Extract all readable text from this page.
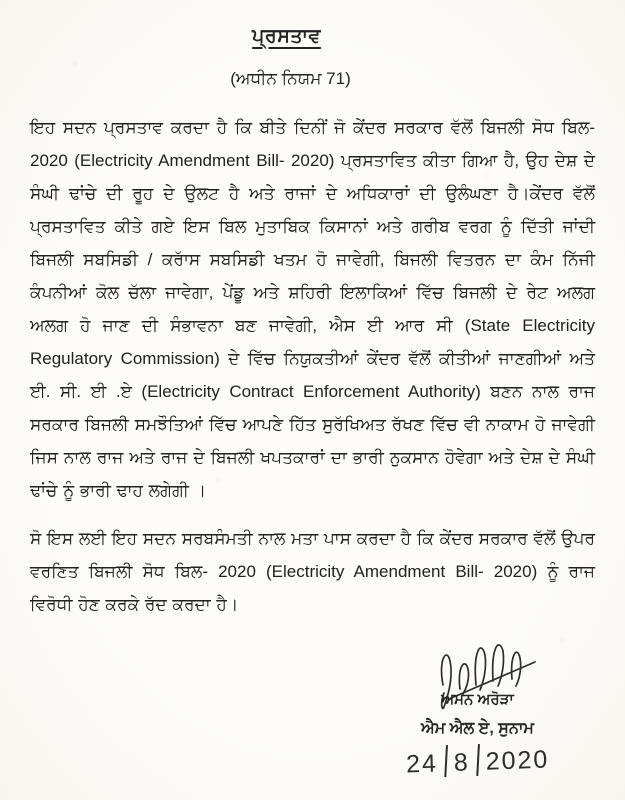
ਪ੍ਰਸਤਾਵ
(ਅਧੀਨ ਨਿਯਮ 71)

ਇਹ ਸਦਨ ਪ੍ਰਸਤਾਵ ਕਰਦਾ ਹੈ ਕਿ ਬੀਤੇ ਦਿਨੀਂ ਜੋ ਕੇਂਦਰ ਸਰਕਾਰ ਵੱਲੋਂ ਬਿਜਲੀ ਸੋਧ ਬਿਲ- 2020 (Electricity Amendment Bill- 2020) ਪ੍ਰਸਤਾਵਿਤ ਕੀਤਾ ਗਿਆ ਹੈ, ਉਹ ਦੇਸ਼ ਦੇ ਸੰਘੀ ਢਾਂਚੇ ਦੀ ਰੂਹ ਦੇ ਉਲਟ ਹੈ ਅਤੇ ਰਾਜਾਂ ਦੇ ਅਧਿਕਾਰਾਂ ਦੀ ਉਲੰਘਣਾ ਹੈ।ਕੇਂਦਰ ਵੱਲੋਂ ਪ੍ਰਸਤਾਵਿਤ ਕੀਤੇ ਗਏ ਇਸ ਬਿਲ ਮੁਤਾਬਿਕ ਕਿਸਾਨਾਂ ਅਤੇ ਗਰੀਬ ਵਰਗ ਨੂੰ ਦਿੱਤੀ ਜਾਂਦੀ ਬਿਜਲੀ ਸਬਸਿਡੀ / ਕਰਾੱਸ ਸਬਸਿਡੀ ਖਤਮ ਹੋ ਜਾਵੇਗੀ, ਬਿਜਲੀ ਵਿਤਰਨ ਦਾ ਕੰਮ ਨਿੱਜੀ ਕੰਪਨੀਆਂ ਕੋਲ ਚੱਲਾ ਜਾਵੇਗਾ, ਪੇਂਡੂ ਅਤੇ ਸ਼ਹਿਰੀ ਇਲਾਕਿਆਂ ਵਿੱਚ ਬਿਜਲੀ ਦੇ ਰੇਟ ਅਲਗ ਅਲਗ ਹੋ ਜਾਣ ਦੀ ਸੰਭਾਵਨਾ ਬਣ ਜਾਵੇਗੀ, ਐਸ ਈ ਆਰ ਸੀ (State Electricity Regulatory Commission) ਦੇ ਵਿੱਚ ਨਿਯੁਕਤੀਆਂ ਕੇਂਦਰ ਵੱਲੋਂ ਕੀਤੀਆਂ ਜਾਣਗੀਆਂ ਅਤੇ ਈ. ਸੀ. ਈ .ਏ (Electricity Contract Enforcement Authority) ਬਣਨ ਨਾਲ ਰਾਜ ਸਰਕਾਰ ਬਿਜਲੀ ਸਮਝੌਤਿਆਂ ਵਿੱਚ ਆਪਣੇ ਹਿੱਤ ਸੁਰੱਖਿਅਤ ਰੱਖਣ ਵਿੱਚ ਵੀ ਨਾਕਾਮ ਹੋ ਜਾਵੇਗੀ ਜਿਸ ਨਾਲ ਰਾਜ ਅਤੇ ਰਾਜ ਦੇ ਬਿਜਲੀ ਖਪਤਕਾਰਾਂ ਦਾ ਭਾਰੀ ਨੁਕਸਾਨ ਹੋਵੇਗਾ ਅਤੇ ਦੇਸ਼ ਦੇ ਸੰਘੀ ਢਾਂਚੇ ਨੂੰ ਭਾਰੀ ਢਾਹ ਲਗੇਗੀ ।

ਸੋ ਇਸ ਲਈ ਇਹ ਸਦਨ ਸਰਬਸੰਮਤੀ ਨਾਲ ਮਤਾ ਪਾਸ ਕਰਦਾ ਹੈ ਕਿ ਕੇਂਦਰ ਸਰਕਾਰ ਵੱਲੋਂ ਉਪਰ ਵਰਣਿਤ ਬਿਜਲੀ ਸੋਧ ਬਿਲ- 2020 (Electricity Amendment Bill- 2020) ਨੂੰ ਰਾਜ ਵਿਰੋਧੀ ਹੋਣ ਕਰਕੇ ਰੱਦ ਕਰਦਾ ਹੈ।

ਅਮਨ ਅਰੋੜਾ
ਐਮ ਐਲ ਏ, ਸੁਨਾਮ
24 8 2020
